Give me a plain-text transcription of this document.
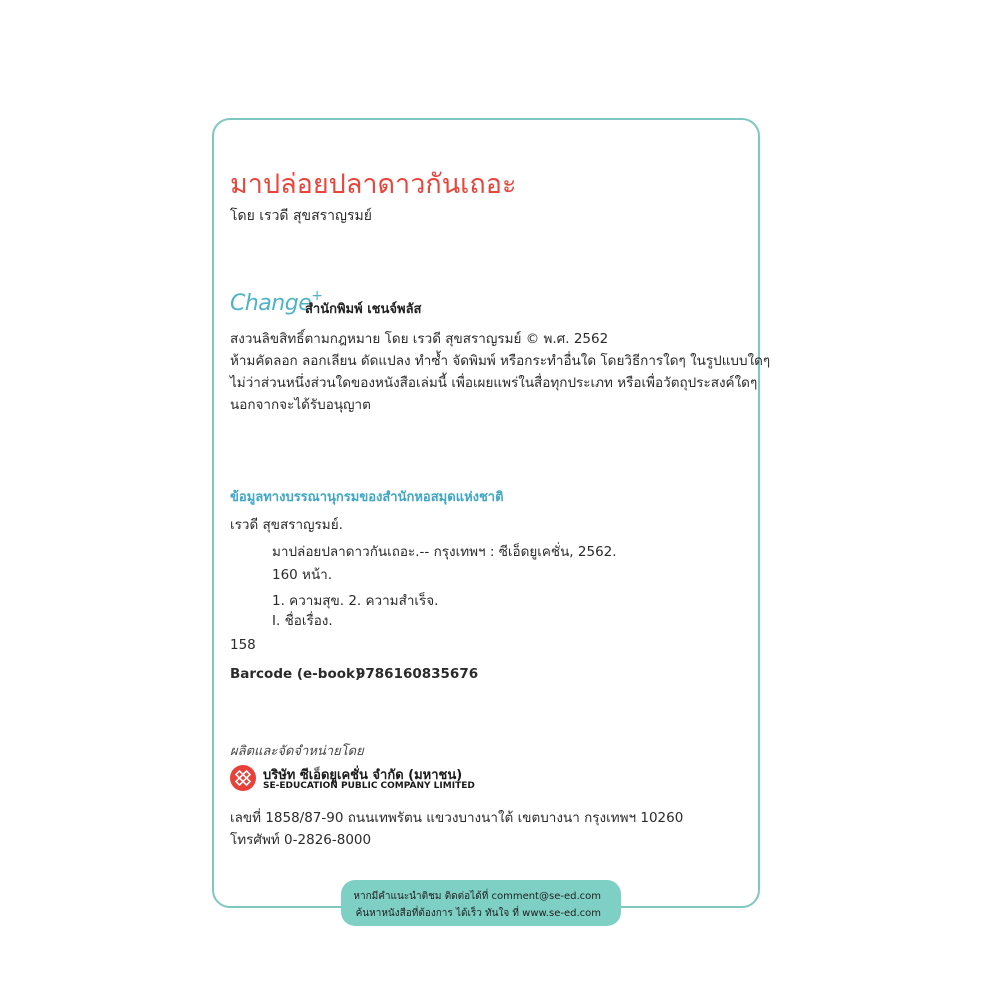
มาปล่อยปลาดาวกันเถอะ
โดย เรวดี สุขสราญรมย์
Change+
สำนักพิมพ์ เชนจ์พลัส
สงวนลิขสิทธิ์ตามกฎหมาย โดย เรวดี สุขสราญรมย์ © พ.ศ. 2562
ห้ามคัดลอก ลอกเลียน ดัดแปลง ทำซ้ำ จัดพิมพ์ หรือกระทำอื่นใด โดยวิธีการใดๆ ในรูปแบบใดๆ
ไม่ว่าส่วนหนึ่งส่วนใดของหนังสือเล่มนี้ เพื่อเผยแพร่ในสื่อทุกประเภท หรือเพื่อวัตถุประสงค์ใดๆ
นอกจากจะได้รับอนุญาต
ข้อมูลทางบรรณานุกรมของสำนักหอสมุดแห่งชาติ
เรวดี สุขสราญรมย์.
มาปล่อยปลาดาวกันเถอะ.-- กรุงเทพฯ : ซีเอ็ดยูเคชั่น, 2562.
160 หน้า.
1. ความสุข. 2. ความสำเร็จ.
I. ชื่อเรื่อง.
158
Barcode (e-book)
9786160835676
ผลิตและจัดจำหน่ายโดย
บริษัท ซีเอ็ดยูเคชั่น จำกัด (มหาชน)
SE-EDUCATION PUBLIC COMPANY LIMITED
เลขที่ 1858/87-90 ถนนเทพรัตน แขวงบางนาใต้ เขตบางนา กรุงเทพฯ 10260
โทรศัพท์ 0-2826-8000
หากมีคำแนะนำติชม ติดต่อได้ที่ comment@se-ed.com
ค้นหาหนังสือที่ต้องการ ได้เร็ว ทันใจ ที่ www.se-ed.com
